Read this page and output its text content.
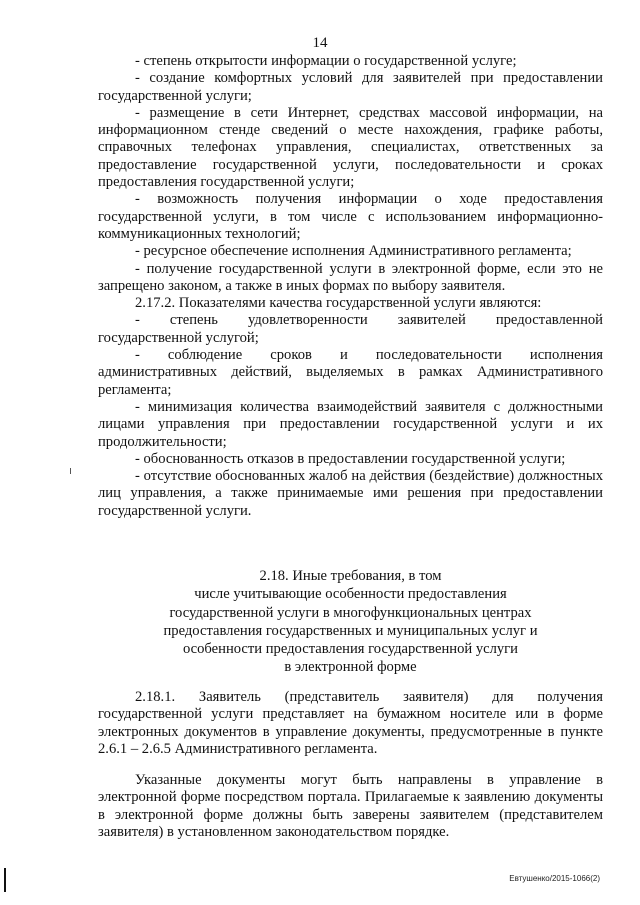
14

- степень открытости информации о государственной услуге;

- создание комфортных условий для заявителей при предоставлении государственной услуги;

- размещение в сети Интернет, средствах массовой информации, на информационном стенде сведений о месте нахождения, графике работы, справочных телефонах управления, специалистах, ответственных за предоставление государственной услуги, последовательности и сроках предоставления государственной услуги;

- возможность получения информации о ходе предоставления государственной услуги, в том числе с использованием информационно-коммуникационных технологий;

- ресурсное обеспечение исполнения Административного регламента;

- получение государственной услуги в электронной форме, если это не запрещено законом, а также в иных формах по выбору заявителя.

2.17.2. Показателями качества государственной услуги являются:

- степень удовлетворенности заявителей предоставленной государственной услугой;

- соблюдение сроков и последовательности исполнения административных действий, выделяемых в рамках Административного регламента;

- минимизация количества взаимодействий заявителя с должностными лицами управления при предоставлении государственной услуги и их продолжительности;

- обоснованность отказов в предоставлении государственной услуги;

- отсутствие обоснованных жалоб на действия (бездействие) должностных лиц управления, а также принимаемые ими решения при предоставлении государственной услуги.

2.18. Иные требования, в том
числе учитывающие особенности предоставления
государственной услуги в многофункциональных центрах
предоставления государственных и муниципальных услуг и
особенности предоставления государственной услуги
в электронной форме

2.18.1. Заявитель (представитель заявителя) для получения государственной услуги представляет на бумажном носителе или в форме электронных документов в управление документы, предусмотренные в пункте 2.6.1 – 2.6.5 Административного регламента.

Указанные документы могут быть направлены в управление в электронной форме посредством портала. Прилагаемые к заявлению документы в электронной форме должны быть заверены заявителем (представителем заявителя) в установленном законодательством порядке.

Евтушенко/2015-1066(2)
